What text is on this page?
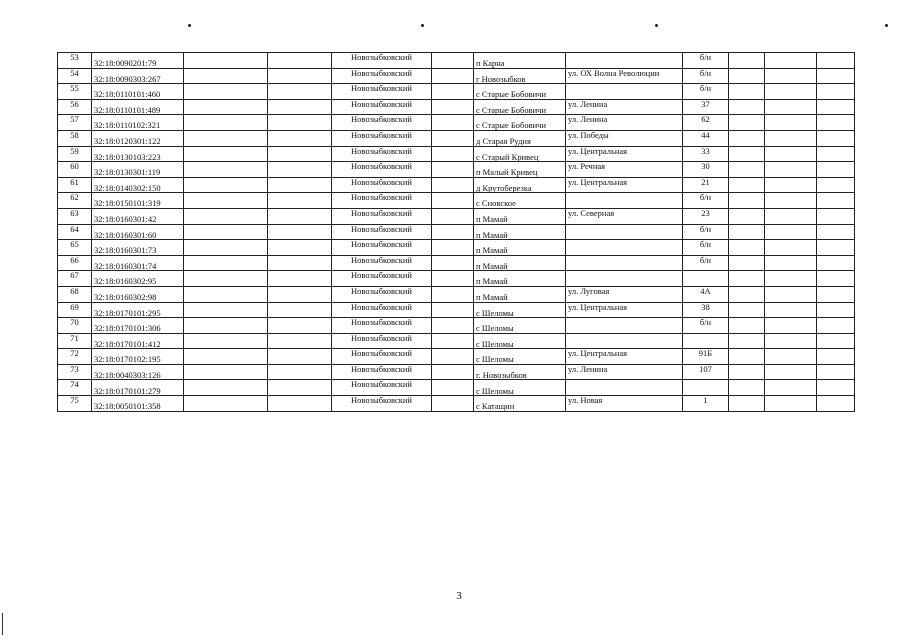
53	32:18:0090201:79			Новозыбковский		п Карна		б/н			
54	32:18:0090303:267			Новозыбковский		г Новозыбков	ул. ОХ Волна Революции	б/н			
55	32:18:0110101:460			Новозыбковский		с Старые Бобовичи		б/н			
56	32:18:0110101:489			Новозыбковский		с Старые Бобовичи	ул. Ленина	37			
57	32:18:0110102:321			Новозыбковский		с Старые Бобовичи	ул. Ленина	62			
58	32:18:0120301:122			Новозыбковский		д Старая Рудня	ул. Победы	44			
59	32:18:0130103:223			Новозыбковский		с Старый Кривец	ул. Центральная	33			
60	32:18:0130301:119			Новозыбковский		п Малый Кривец	ул. Речная	30			
61	32:18:0140302:150			Новозыбковский		д Крутоберезка	ул. Центральная	21			
62	32:18:0150101:319			Новозыбковский		с Сновское		б/н			
63	32:18:0160301:42			Новозыбковский		п Мамай	ул. Северная	23			
64	32:18:0160301:60			Новозыбковский		п Мамай		б/н			
65	32:18:0160301:73			Новозыбковский		п Мамай		б/н			
66	32:18:0160301:74			Новозыбковский		п Мамай		б/н			
67	32:18:0160302:95			Новозыбковский		п Мамай					
68	32:18:0160302:98			Новозыбковский		п Мамай	ул. Луговая	4А			
69	32:18:0170101:295			Новозыбковский		с Шеломы	ул. Центральная	38			
70	32:18:0170101:306			Новозыбковский		с Шеломы		б/н			
71	32:18:0170101:412			Новозыбковский		с Шеломы					
72	32:18:0170102:195			Новозыбковский		с Шеломы	ул. Центральная	91Б			
73	32:18:0040303:126			Новозыбковский		г. Новозыбков	ул. Ленина	107			
74	32:18:0170101:279			Новозыбковский		с Шеломы					
75	32:18:0050101:358			Новозыбковский		с Катащин	ул. Новая	1			
3
